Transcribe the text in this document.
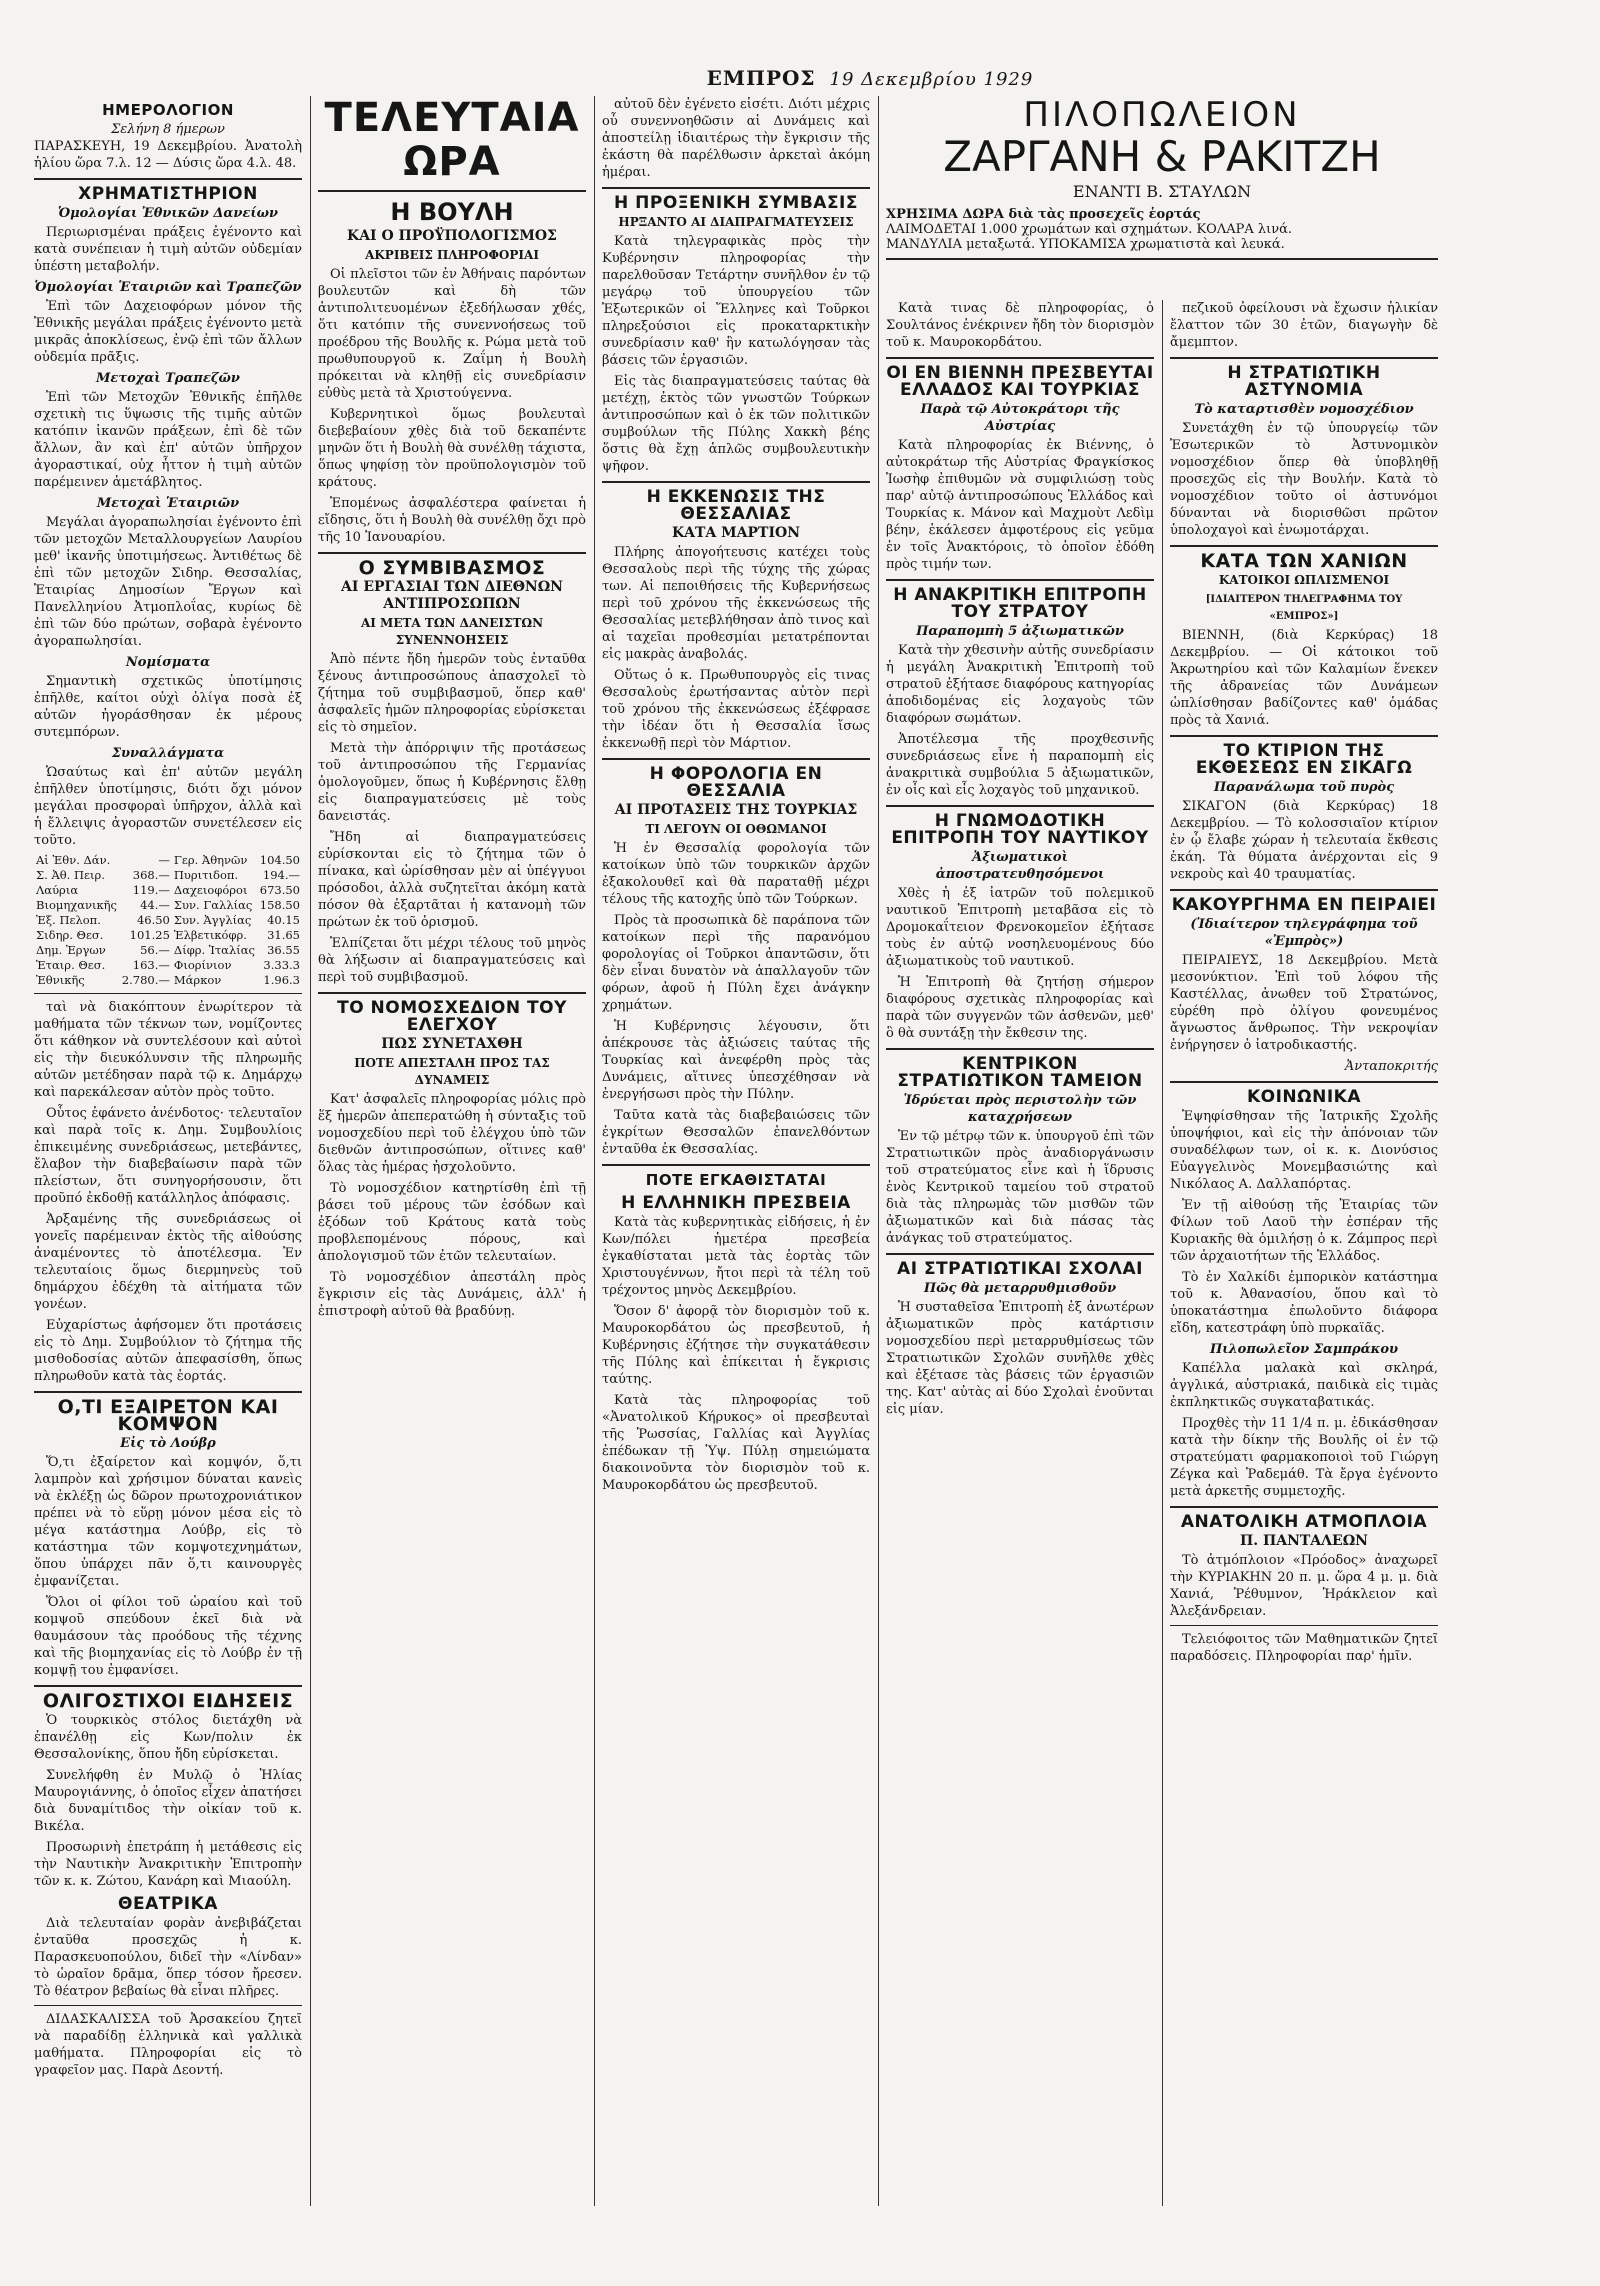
ΕΜΠΡΟΣ 19 Δεκεμβρίου 1929
ΗΜΕΡΟΛΟΓΙΟΝ
Σελήνη 8 ήμερων
ΠΑΡΑΣΚΕΥΗ, 19 Δεκεμβρίου. Ἀνατολὴ ἡλίου ὥρα 7.λ. 12 — Δύσις ὥρα 4.λ. 48.
ΧΡΗΜΑΤΙΣΤΗΡΙΟΝ
Ὁμολογίαι Ἐθνικῶν Δανείων

Περιωρισμέναι πράξεις ἐγένοντο καὶ κατὰ συνέπειαν ἡ τιμὴ αὐτῶν οὐδεμίαν ὑπέστη μεταβολήν.

Ὁμολογίαι Ἑταιριῶν καὶ Τραπεζῶν

Ἐπὶ τῶν Δαχειοφόρων μόνον τῆς Ἐθνικῆς μεγάλαι πράξεις ἐγένοντο μετὰ μικρᾶς ἀποκλίσεως, ἐνῷ ἐπὶ τῶν ἄλλων οὐδεμία πρᾶξις.

Μετοχαὶ Τραπεζῶν

Ἐπὶ τῶν Μετοχῶν Ἐθνικῆς ἐπῆλθε σχετικὴ τις ὕψωσις τῆς τιμῆς αὐτῶν κατόπιν ἱκανῶν πράξεων, ἐπὶ δὲ τῶν ἄλλων, ἂν καὶ ἐπ' αὐτῶν ὑπῆρχον ἀγοραστικαί, οὐχ ἧττον ἡ τιμὴ αὐτῶν παρέμεινεν ἀμετάβλητος.

Μετοχαὶ Ἑταιριῶν

Μεγάλαι ἀγοραπωλησίαι ἐγένοντο ἐπὶ τῶν μετοχῶν Μεταλλουργείων Λαυρίου μεθ' ἱκανῆς ὑποτιμήσεως. Ἀντιθέτως δὲ ἐπὶ τῶν μετοχῶν Σιδηρ. Θεσσαλίας, Ἑταιρίας Δημοσίων Ἔργων καὶ Πανελληνίου Ἀτμοπλοΐας, κυρίως δὲ ἐπὶ τῶν δύο πρώτων, σοβαρὰ ἐγένοντο ἀγοραπωλησίαι.

Νομίσματα

Σημαντικὴ σχετικῶς ὑποτίμησις ἐπῆλθε, καίτοι οὐχὶ ὀλίγα ποσὰ ἐξ αὐτῶν ἠγοράσθησαν ἐκ μέρους συτεμπόρων.

Συναλλάγματα

Ὡσαύτως καὶ ἐπ' αὐτῶν μεγάλη ἐπῆλθεν ὑποτίμησις, διότι ὄχι μόνον μεγάλαι προσφοραὶ ὑπῆρχον, ἀλλὰ καὶ ἡ ἔλλειψις ἀγοραστῶν συνετέλεσεν εἰς τοῦτο.

Αἱ Ἐθν. Δάν.	—	Γερ. Ἀθηνῶν	104.50
Σ. Ἀθ. Πειρ.	368.—	Πυριτιδοπ.	194.—
Λαύρια	119.—	Δαχειοφόροι	673.50
Βιομηχανικῆς	44.—	Συν. Γαλλίας	158.50
Ἐξ. Πελοπ.	46.50	Συν. Ἀγγλίας	40.15
Σιδηρ. Θεσ.	101.25	Ἑλβετικόφρ.	31.65
Δημ. Ἐργων	56.—	Δίφρ. Ἰταλίας	36.55
Ἑταιρ. Θεσ.	163.—	Φιορίνιον	3.33.3
Ἐθνικῆς	2.780.—	Μάρκον	1.96.3

ταὶ νὰ διακόπτουν ἐνωρίτερον τὰ μαθήματα τῶν τέκνων των, νομίζοντες ὅτι κάθηκον νὰ συντελέσουν καὶ αὐτοὶ εἰς τὴν διευκόλυνσιν τῆς πληρωμῆς αὐτῶν μετέδησαν παρὰ τῷ κ. Δημάρχῳ καὶ παρεκάλεσαν αὐτὸν πρὸς τοῦτο.

Οὗτος ἐφάνετο ἀνένδοτος· τελευταῖον καὶ παρὰ τοῖς κ. Δημ. Συμβουλίοις ἐπικειμένης συνεδριάσεως, μετεβάντες, ἔλαβον τὴν διαβεβαίωσιν παρὰ τῶν πλείστων, ὅτι συνηγορήσουσιν, ὅτι προῦπό ἐκδοθῇ κατάλληλος ἀπόφασις.

Ἀρξαμένης τῆς συνεδριάσεως οἱ γονεῖς παρέμειναν ἐκτὸς τῆς αἰθούσης ἀναμένοντες τὸ ἀποτέλεσμα. Ἐν τελευταίοις ὅμως διερμηνεὺς τοῦ δημάρχου ἐδέχθη τὰ αἰτήματα τῶν γονέων.

Εὐχαρίστως ἀφήσομεν ὅτι προτάσεις εἰς τὸ Δημ. Συμβούλιον τὸ ζήτημα τῆς μισθοδοσίας αὐτῶν ἀπεφασίσθη, ὅπως πληρωθοῦν κατὰ τὰς ἑορτάς.

Ο,ΤΙ ΕΞΑΙΡΕΤΟΝ ΚΑΙ ΚΟΜΨΟΝ
Εἰς τὸ Λούβρ

Ὅ,τι ἐξαίρετον καὶ κομψόν, ὅ,τι λαμπρὸν καὶ χρήσιμον δύναται κανεὶς νὰ ἐκλέξῃ ὡς δῶρον πρωτοχρονιάτικον πρέπει νὰ τὸ εὕρῃ μόνον μέσα εἰς τὸ μέγα κατάστημα Λούβρ, εἰς τὸ κατάστημα τῶν κομψοτεχνημάτων, ὅπου ὑπάρχει πᾶν ὅ,τι καινουργὲς ἐμφανίζεται.

Ὅλοι οἱ φίλοι τοῦ ὡραίου καὶ τοῦ κομψοῦ σπεύδουν ἐκεῖ διὰ νὰ θαυμάσουν τὰς προόδους τῆς τέχνης καὶ τῆς βιομηχανίας εἰς τὸ Λούβρ ἐν τῇ κομψῇ του ἐμφανίσει.

ΟΛΙΓΟΣΤΙΧΟΙ ΕΙΔΗΣΕΙΣ

Ὁ τουρκικὸς στόλος διετάχθη νὰ ἐπανέλθῃ εἰς Κων/πολιν ἐκ Θεσσαλονίκης, ὅπου ἤδη εὑρίσκεται.

Συνελήφθη ἐν Μυλῷ ὁ Ἠλίας Μαυρογιάννης, ὁ ὁποῖος εἶχεν ἀπατήσει διὰ δυναμίτιδος τὴν οἰκίαν τοῦ κ. Βικέλα.

Προσωρινὴ ἐπετράπη ἡ μετάθεσις εἰς τὴν Ναυτικὴν Ἀνακριτικὴν Ἐπιτροπὴν τῶν κ. κ. Ζώτου, Κανάρη καὶ Μιαούλη.

ΘΕΑΤΡΙΚΑ

Διὰ τελευταίαν φορὰν ἀνεβιβάζεται ἐνταῦθα προσεχῶς ἡ κ. Παρασκευοπούλου, διδεῖ τὴν «Λίνδαν» τὸ ὡραῖον δρᾶμα, ὅπερ τόσον ἤρεσεν. Τὸ θέατρον βεβαίως θὰ εἶναι πλῆρες.

ΔΙΔΑΣΚΑΛΙΣΣΑ τοῦ Ἀρσακείου ζητεῖ νὰ παραδίδῃ ἑλληνικὰ καὶ γαλλικὰ μαθήματα. Πληροφορίαι εἰς τὸ γραφεῖον μας. Παρὰ Δεοντή.

ΤΕΛΕΥΤΑΙΑ ΩΡΑ
Η ΒΟΥΛΗ
ΚΑΙ Ο ΠΡΟΫΠΟΛΟΓΙΣΜΟΣ
ΑΚΡΙΒΕΙΣ ΠΛΗΡΟΦΟΡΙΑΙ

Οἱ πλεῖστοι τῶν ἐν Ἀθήναις παρόντων βουλευτῶν καὶ δὴ τῶν ἀντιπολιτευομένων ἐξεδήλωσαν χθές, ὅτι κατόπιν τῆς συνεννοήσεως τοῦ προέδρου τῆς Βουλῆς κ. Ρώμα μετὰ τοῦ πρωθυπουργοῦ κ. Ζαΐμη ἡ Βουλὴ πρόκειται νὰ κληθῇ εἰς συνεδρίασιν εὐθὺς μετὰ τὰ Χριστούγεννα.

Κυβερνητικοὶ ὅμως βουλευταὶ διεβεβαίουν χθὲς διὰ τοῦ δεκαπέντε μηνῶν ὅτι ἡ Βουλὴ θὰ συνέλθῃ τάχιστα, ὅπως ψηφίσῃ τὸν προϋπολογισμὸν τοῦ κράτους.

Ἐπομένως ἀσφαλέστερα φαίνεται ἡ εἴδησις, ὅτι ἡ Βουλὴ θὰ συνέλθῃ ὄχι πρὸ τῆς 10 Ἰανουαρίου.

Ο ΣΥΜΒΙΒΑΣΜΟΣ
ΑΙ ΕΡΓΑΣΙΑΙ ΤΩΝ ΔΙΕΘΝΩΝ ΑΝΤΙΠΡΟΣΩΠΩΝ
ΑΙ ΜΕΤΑ ΤΩΝ ΔΑΝΕΙΣΤΩΝ ΣΥΝΕΝΝΟΗΣΕΙΣ

Ἀπὸ πέντε ἤδη ἡμερῶν τοὺς ἐνταῦθα ξένους ἀντιπροσώπους ἀπασχολεῖ τὸ ζήτημα τοῦ συμβιβασμοῦ, ὅπερ καθ' ἀσφαλεῖς ἡμῶν πληροφορίας εὑρίσκεται εἰς τὸ σημεῖον.

Μετὰ τὴν ἀπόρριψιν τῆς προτάσεως τοῦ ἀντιπροσώπου τῆς Γερμανίας ὁμολογοῦμεν, ὅπως ἡ Κυβέρνησις ἔλθῃ εἰς διαπραγματεύσεις μὲ τοὺς δανειστάς.

Ἤδη αἱ διαπραγματεύσεις εὑρίσκονται εἰς τὸ ζήτημα τῶν ὁ πίνακα, καὶ ὡρίσθησαν μὲν αἱ ὑπέγγυοι πρόσοδοι, ἀλλὰ συζητεῖται ἀκόμη κατὰ πόσον θὰ ἐξαρτᾶται ἡ κατανομὴ τῶν πρώτων ἐκ τοῦ ὁρισμοῦ.

Ἐλπίζεται ὅτι μέχρι τέλους τοῦ μηνὸς θὰ λήξωσιν αἱ διαπραγματεύσεις καὶ περὶ τοῦ συμβιβασμοῦ.

ΤΟ ΝΟΜΟΣΧΕΔΙΟΝ ΤΟΥ ΕΛΕΓΧΟΥ
ΠΩΣ ΣΥΝΕΤΑΧΘΗ
ΠΟΤΕ ΑΠΕΣΤΑΛΗ ΠΡΟΣ ΤΑΣ ΔΥΝΑΜΕΙΣ

Κατ' ἀσφαλεῖς πληροφορίας μόλις πρὸ ἕξ ἡμερῶν ἀπεπερατώθη ἡ σύνταξις τοῦ νομοσχεδίου περὶ τοῦ ἐλέγχου ὑπὸ τῶν διεθνῶν ἀντιπροσώπων, οἵτινες καθ' ὅλας τὰς ἡμέρας ἠσχολοῦντο.

Τὸ νομοσχέδιον κατηρτίσθη ἐπὶ τῇ βάσει τοῦ μέρους τῶν ἐσόδων καὶ ἐξόδων τοῦ Κράτους κατὰ τοὺς προβλεπομένους πόρους, καὶ ἀπολογισμοῦ τῶν ἐτῶν τελευταίων.

Τὸ νομοσχέδιον ἀπεστάλη πρὸς ἔγκρισιν εἰς τὰς Δυνάμεις, ἀλλ' ἡ ἐπιστροφὴ αὐτοῦ θὰ βραδύνῃ.

αὐτοῦ δὲν ἐγένετο εἰσέτι. Διότι μέχρις οὗ συνεννοηθῶσιν αἱ Δυνάμεις καὶ ἀποστείλῃ ἰδιαιτέρως τὴν ἔγκρισιν τῆς ἑκάστη θὰ παρέλθωσιν ἀρκεταὶ ἀκόμη ἡμέραι.

Η ΠΡΟΞΕΝΙΚΗ ΣΥΜΒΑΣΙΣ
ΗΡΞΑΝΤΟ ΑΙ ΔΙΑΠΡΑΓΜΑΤΕΥΣΕΙΣ

Κατὰ τηλεγραφικὰς πρὸς τὴν Κυβέρνησιν πληροφορίας τὴν παρελθοῦσαν Τετάρτην συνῆλθον ἐν τῷ μεγάρῳ τοῦ ὑπουργείου τῶν Ἐξωτερικῶν οἱ Ἕλληνες καὶ Τοῦρκοι πληρεξούσιοι εἰς προκαταρκτικὴν συνεδρίασιν καθ' ἣν κατωλόγησαν τὰς βάσεις τῶν ἐργασιῶν.

Εἰς τὰς διαπραγματεύσεις ταύτας θὰ μετέχῃ, ἐκτὸς τῶν γνωστῶν Τούρκων ἀντιπροσώπων καὶ ὁ ἐκ τῶν πολιτικῶν συμβούλων τῆς Πύλης Χακκὴ βέης ὅστις θὰ ἔχῃ ἁπλῶς συμβουλευτικὴν ψῆφον.

Η ΕΚΚΕΝΩΣΙΣ ΤΗΣ ΘΕΣΣΑΛΙΑΣ
ΚΑΤΑ ΜΑΡΤΙΟΝ

Πλήρης ἀπογοήτευσις κατέχει τοὺς Θεσσαλοὺς περὶ τῆς τύχης τῆς χώρας των. Αἱ πεποιθήσεις τῆς Κυβερνήσεως περὶ τοῦ χρόνου τῆς ἐκκενώσεως τῆς Θεσσαλίας μετεβλήθησαν ἀπὸ τινος καὶ αἱ ταχεῖαι προθεσμίαι μετατρέπονται εἰς μακρὰς ἀναβολάς.

Οὕτως ὁ κ. Πρωθυπουργὸς εἰς τινας Θεσσαλοὺς ἐρωτήσαντας αὐτὸν περὶ τοῦ χρόνου τῆς ἐκκενώσεως ἐξέφρασε τὴν ἰδέαν ὅτι ἡ Θεσσαλία ἴσως ἐκκενωθῇ περὶ τὸν Μάρτιον.

Η ΦΟΡΟΛΟΓΙΑ ΕΝ ΘΕΣΣΑΛΙΑ
ΑΙ ΠΡΟΤΑΣΕΙΣ ΤΗΣ ΤΟΥΡΚΙΑΣ
ΤΙ ΛΕΓΟΥΝ ΟΙ ΟΘΩΜΑΝΟΙ

Ἡ ἐν Θεσσαλίᾳ φορολογία τῶν κατοίκων ὑπὸ τῶν τουρκικῶν ἀρχῶν ἐξακολουθεῖ καὶ θὰ παραταθῇ μέχρι τέλους τῆς κατοχῆς ὑπὸ τῶν Τούρκων.

Πρὸς τὰ προσωπικὰ δὲ παράπονα τῶν κατοίκων περὶ τῆς παρανόμου φορολογίας οἱ Τοῦρκοι ἀπαντῶσιν, ὅτι δὲν εἶναι δυνατὸν νὰ ἀπαλλαγοῦν τῶν φόρων, ἀφοῦ ἡ Πύλη ἔχει ἀνάγκην χρημάτων.

Ἡ Κυβέρνησις λέγουσιν, ὅτι ἀπέκρουσε τὰς ἀξιώσεις ταύτας τῆς Τουρκίας καὶ ἀνεφέρθη πρὸς τὰς Δυνάμεις, αἵτινες ὑπεσχέθησαν νὰ ἐνεργήσωσι πρὸς τὴν Πύλην.

Ταῦτα κατὰ τὰς διαβεβαιώσεις τῶν ἐγκρίτων Θεσσαλῶν ἐπανελθόντων ἐνταῦθα ἐκ Θεσσαλίας.

ΠΟΤΕ ΕΓΚΑΘΙΣΤΑΤΑΙ
Η ΕΛΛΗΝΙΚΗ ΠΡΕΣΒΕΙΑ

Κατὰ τὰς κυβερνητικὰς εἰδήσεις, ἡ ἐν Κων/πόλει ἡμετέρα πρεσβεία ἐγκαθίσταται μετὰ τὰς ἑορτὰς τῶν Χριστουγέννων, ἤτοι περὶ τὰ τέλη τοῦ τρέχοντος μηνὸς Δεκεμβρίου.

Ὅσον δ' ἀφορᾷ τὸν διορισμὸν τοῦ κ. Μαυροκορδάτου ὡς πρεσβευτοῦ, ἡ Κυβέρνησις ἐζήτησε τὴν συγκατάθεσιν τῆς Πύλης καὶ ἐπίκειται ἡ ἔγκρισις ταύτης.

Κατὰ τὰς πληροφορίας τοῦ «Ἀνατολικοῦ Κήρυκος» οἱ πρεσβευταὶ τῆς Ῥωσσίας, Γαλλίας καὶ Ἀγγλίας ἐπέδωκαν τῇ Ὑψ. Πύλῃ σημειώματα διακοινοῦντα τὸν διορισμὸν τοῦ κ. Μαυροκορδάτου ὡς πρεσβευτοῦ.

ΠΙΛΟΠΩΛΕΙΟΝ
ΖΑΡΓΑΝΗ & ΡΑΚΙΤΖΗ
ΕΝΑΝΤΙ Β. ΣΤΑΥΛΩΝ
ΧΡΗΣΙΜΑ ΔΩΡΑ διὰ τὰς προσεχεῖς ἑορτάς
ΛΑΙΜΟΔΕΤΑΙ 1.000 χρωμάτων καὶ σχημάτων. ΚΟΛΑΡΑ λινά.
ΜΑΝΔΥΛΙΑ μεταξωτά. ΥΠΟΚΑΜΙΣΑ χρωματιστὰ καὶ λευκά.

Κατὰ τινας δὲ πληροφορίας, ὁ Σουλτάνος ἐνέκρινεν ἤδη τὸν διορισμὸν τοῦ κ. Μαυροκορδάτου.

ΟΙ ΕΝ ΒΙΕΝΝΗ ΠΡΕΣΒΕΥΤΑΙ ΕΛΛΑΔΟΣ ΚΑΙ ΤΟΥΡΚΙΑΣ
Παρὰ τῷ Αὐτοκράτορι τῆς Αὐστρίας

Κατὰ πληροφορίας ἐκ Βιέννης, ὁ αὐτοκράτωρ τῆς Αὐστρίας Φραγκίσκος Ἰωσὴφ ἐπιθυμῶν νὰ συμφιλιώσῃ τοὺς παρ' αὐτῷ ἀντιπροσώπους Ἑλλάδος καὶ Τουρκίας κ. Μάνον καὶ Μαχμοὺτ Λεδὶμ βέην, ἐκάλεσεν ἀμφοτέρους εἰς γεῦμα ἐν τοῖς Ἀνακτόροις, τὸ ὁποῖον ἐδόθη πρὸς τιμήν των.

Η ΑΝΑΚΡΙΤΙΚΗ ΕΠΙΤΡΟΠΗ ΤΟΥ ΣΤΡΑΤΟΥ
Παραπομπὴ 5 ἀξιωματικῶν

Κατὰ τὴν χθεσινὴν αὐτῆς συνεδρίασιν ἡ μεγάλη Ἀνακριτικὴ Ἐπιτροπὴ τοῦ στρατοῦ ἐξήτασε διαφόρους κατηγορίας ἀποδιδομένας εἰς λοχαγοὺς τῶν διαφόρων σωμάτων.

Ἀποτέλεσμα τῆς προχθεσινῆς συνεδριάσεως εἶνε ἡ παραπομπὴ εἰς ἀνακριτικὰ συμβούλια 5 ἀξιωματικῶν, ἐν οἷς καὶ εἷς λοχαγὸς τοῦ μηχανικοῦ.

Η ΓΝΩΜΟΔΟΤΙΚΗ ΕΠΙΤΡΟΠΗ ΤΟΥ ΝΑΥΤΙΚΟΥ
Ἀξιωματικοὶ ἀποστρατευθησόμενοι

Χθὲς ἡ ἐξ ἰατρῶν τοῦ πολεμικοῦ ναυτικοῦ Ἐπιτροπὴ μεταβᾶσα εἰς τὸ Δρομοκαΐτειον Φρενοκομεῖον ἐξήτασε τοὺς ἐν αὐτῷ νοσηλευομένους δύο ἀξιωματικοὺς τοῦ ναυτικοῦ.

Ἡ Ἐπιτροπὴ θὰ ζητήσῃ σήμερον διαφόρους σχετικὰς πληροφορίας καὶ παρὰ τῶν συγγενῶν τῶν ἀσθενῶν, μεθ' ὃ θὰ συντάξῃ τὴν ἔκθεσιν της.

ΚΕΝΤΡΙΚΟΝ ΣΤΡΑΤΙΩΤΙΚΟΝ ΤΑΜΕΙΟΝ
Ἱδρύεται πρὸς περιστολὴν τῶν καταχρήσεων

Ἐν τῷ μέτρῳ τῶν κ. ὑπουργοῦ ἐπὶ τῶν Στρατιωτικῶν πρὸς ἀναδιοργάνωσιν τοῦ στρατεύματος εἶνε καὶ ἡ ἵδρυσις ἐνὸς Κεντρικοῦ ταμείου τοῦ στρατοῦ διὰ τὰς πληρωμὰς τῶν μισθῶν τῶν ἀξιωματικῶν καὶ διὰ πάσας τὰς ἀνάγκας τοῦ στρατεύματος.

ΑΙ ΣΤΡΑΤΙΩΤΙΚΑΙ ΣΧΟΛΑΙ
Πῶς θὰ μεταρρυθμισθοῦν

Ἡ συσταθεῖσα Ἐπιτροπὴ ἐξ ἀνωτέρων ἀξιωματικῶν πρὸς κατάρτισιν νομοσχεδίου περὶ μεταρρυθμίσεως τῶν Στρατιωτικῶν Σχολῶν συνῆλθε χθὲς καὶ ἐξέτασε τὰς βάσεις τῶν ἐργασιῶν της. Κατ' αὐτὰς αἱ δύο Σχολαὶ ἐνοῦνται εἰς μίαν.

πεζικοῦ ὀφείλουσι νὰ ἔχωσιν ἡλικίαν ἔλαττον τῶν 30 ἐτῶν, διαγωγὴν δὲ ἄμεμπτον.

Η ΣΤΡΑΤΙΩΤΙΚΗ ΑΣΤΥΝΟΜΙΑ
Τὸ καταρτισθὲν νομοσχέδιον

Συνετάχθη ἐν τῷ ὑπουργείῳ τῶν Ἐσωτερικῶν τὸ Ἀστυνομικὸν νομοσχέδιον ὅπερ θὰ ὑποβληθῇ προσεχῶς εἰς τὴν Βουλήν. Κατὰ τὸ νομοσχέδιον τοῦτο οἱ ἀστυνόμοι δύνανται νὰ διορισθῶσι πρῶτον ὑπολοχαγοὶ καὶ ἐνωμοτάρχαι.

ΚΑΤΑ ΤΩΝ ΧΑΝΙΩΝ
ΚΑΤΟΙΚΟΙ ΩΠΛΙΣΜΕΝΟΙ
[ΙΔΙΑΙΤΕΡΟΝ ΤΗΛΕΓΡΑΦΗΜΑ ΤΟΥ «ΕΜΠΡΟΣ»]

ΒΙΕΝΝΗ, (διὰ Κερκύρας) 18 Δεκεμβρίου. — Οἱ κάτοικοι τοῦ Ἀκρωτηρίου καὶ τῶν Καλαμίων ἕνεκεν τῆς ἀδρανείας τῶν Δυνάμεων ὡπλίσθησαν βαδίζοντες καθ' ὁμάδας πρὸς τὰ Χανιά.

ΤΟ ΚΤΙΡΙΟΝ ΤΗΣ ΕΚΘΕΣΕΩΣ ΕΝ ΣΙΚΑΓΩ
Παρανάλωμα τοῦ πυρὸς

ΣΙΚΑΓΟΝ (διὰ Κερκύρας) 18 Δεκεμβρίου. — Τὸ κολοσσιαῖον κτίριον ἐν ᾧ ἔλαβε χώραν ἡ τελευταία ἔκθεσις ἐκάη. Τὰ θύματα ἀνέρχονται εἰς 9 νεκροὺς καὶ 40 τραυματίας.

ΚΑΚΟΥΡΓΗΜΑ ΕΝ ΠΕΙΡΑΙΕΙ
(Ἰδιαίτερον τηλεγράφημα τοῦ «Ἐμπρὸς»)

ΠΕΙΡΑΙΕΥΣ, 18 Δεκεμβρίου. Μετὰ μεσονύκτιον. Ἐπὶ τοῦ λόφου τῆς Καστέλλας, ἀνωθεν τοῦ Στρατώνος, εὑρέθη πρὸ ὀλίγου φονευμένος ἄγνωστος ἄνθρωπος. Τὴν νεκροψίαν ἐνήργησεν ὁ ἰατροδικαστής.

Ἀνταποκριτής
ΚΟΙΝΩΝΙΚΑ

Ἐψηφίσθησαν τῆς Ἰατρικῆς Σχολῆς ὑποψήφιοι, καὶ εἰς τὴν ἀπόνοιαν τῶν συναδέλφων των, οἱ κ. κ. Διονύσιος Εὐαγγελινὸς Μονεμβασιώτης καὶ Νικόλαος Α. Δαλλαπόρτας.

Ἐν τῇ αἰθούσῃ τῆς Ἑταιρίας τῶν Φίλων τοῦ Λαοῦ τὴν ἐσπέραν τῆς Κυριακῆς θὰ ὁμιλήσῃ ὁ κ. Ζάμπρος περὶ τῶν ἀρχαιοτήτων τῆς Ἑλλάδος.

Τὸ ἐν Χαλκίδι ἐμπορικὸν κατάστημα τοῦ κ. Ἀθανασίου, ὅπου καὶ τὸ ὑποκατάστημα ἐπωλοῦντο διάφορα εἴδη, κατεστράφη ὑπὸ πυρκαϊᾶς.

Πιλοπωλεῖον Σαμπράκου

Καπέλλα μαλακὰ καὶ σκληρά, ἀγγλικά, αὐστριακά, παιδικὰ εἰς τιμὰς ἐκπληκτικῶς συγκαταβατικάς.

Προχθὲς τὴν 11 1/4 π. μ. ἐδικάσθησαν κατὰ τὴν δίκην τῆς Βουλῆς οἱ ἐν τῷ στρατεύματι φαρμακοποιοὶ τοῦ Γιώργη Ζέγκα καὶ Ῥαδεμάθ. Τὰ ἔργα ἐγένοντο μετὰ ἀρκετῆς συμμετοχῆς.

ΑΝΑΤΟΛΙΚΗ ΑΤΜΟΠΛΟΙΑ
Π. ΠΑΝΤΑΛΕΩΝ

Τὸ ἀτμόπλοιον «Πρόοδος» ἀναχωρεῖ τὴν ΚΥΡΙΑΚΗΝ 20 π. μ. ὥρα 4 μ. μ. διὰ Χανιά, Ῥέθυμνον, Ἡράκλειον καὶ Ἀλεξάνδρειαν.

Τελειόφοιτος τῶν Μαθηματικῶν ζητεῖ παραδόσεις. Πληροφορίαι παρ' ἡμῖν.
